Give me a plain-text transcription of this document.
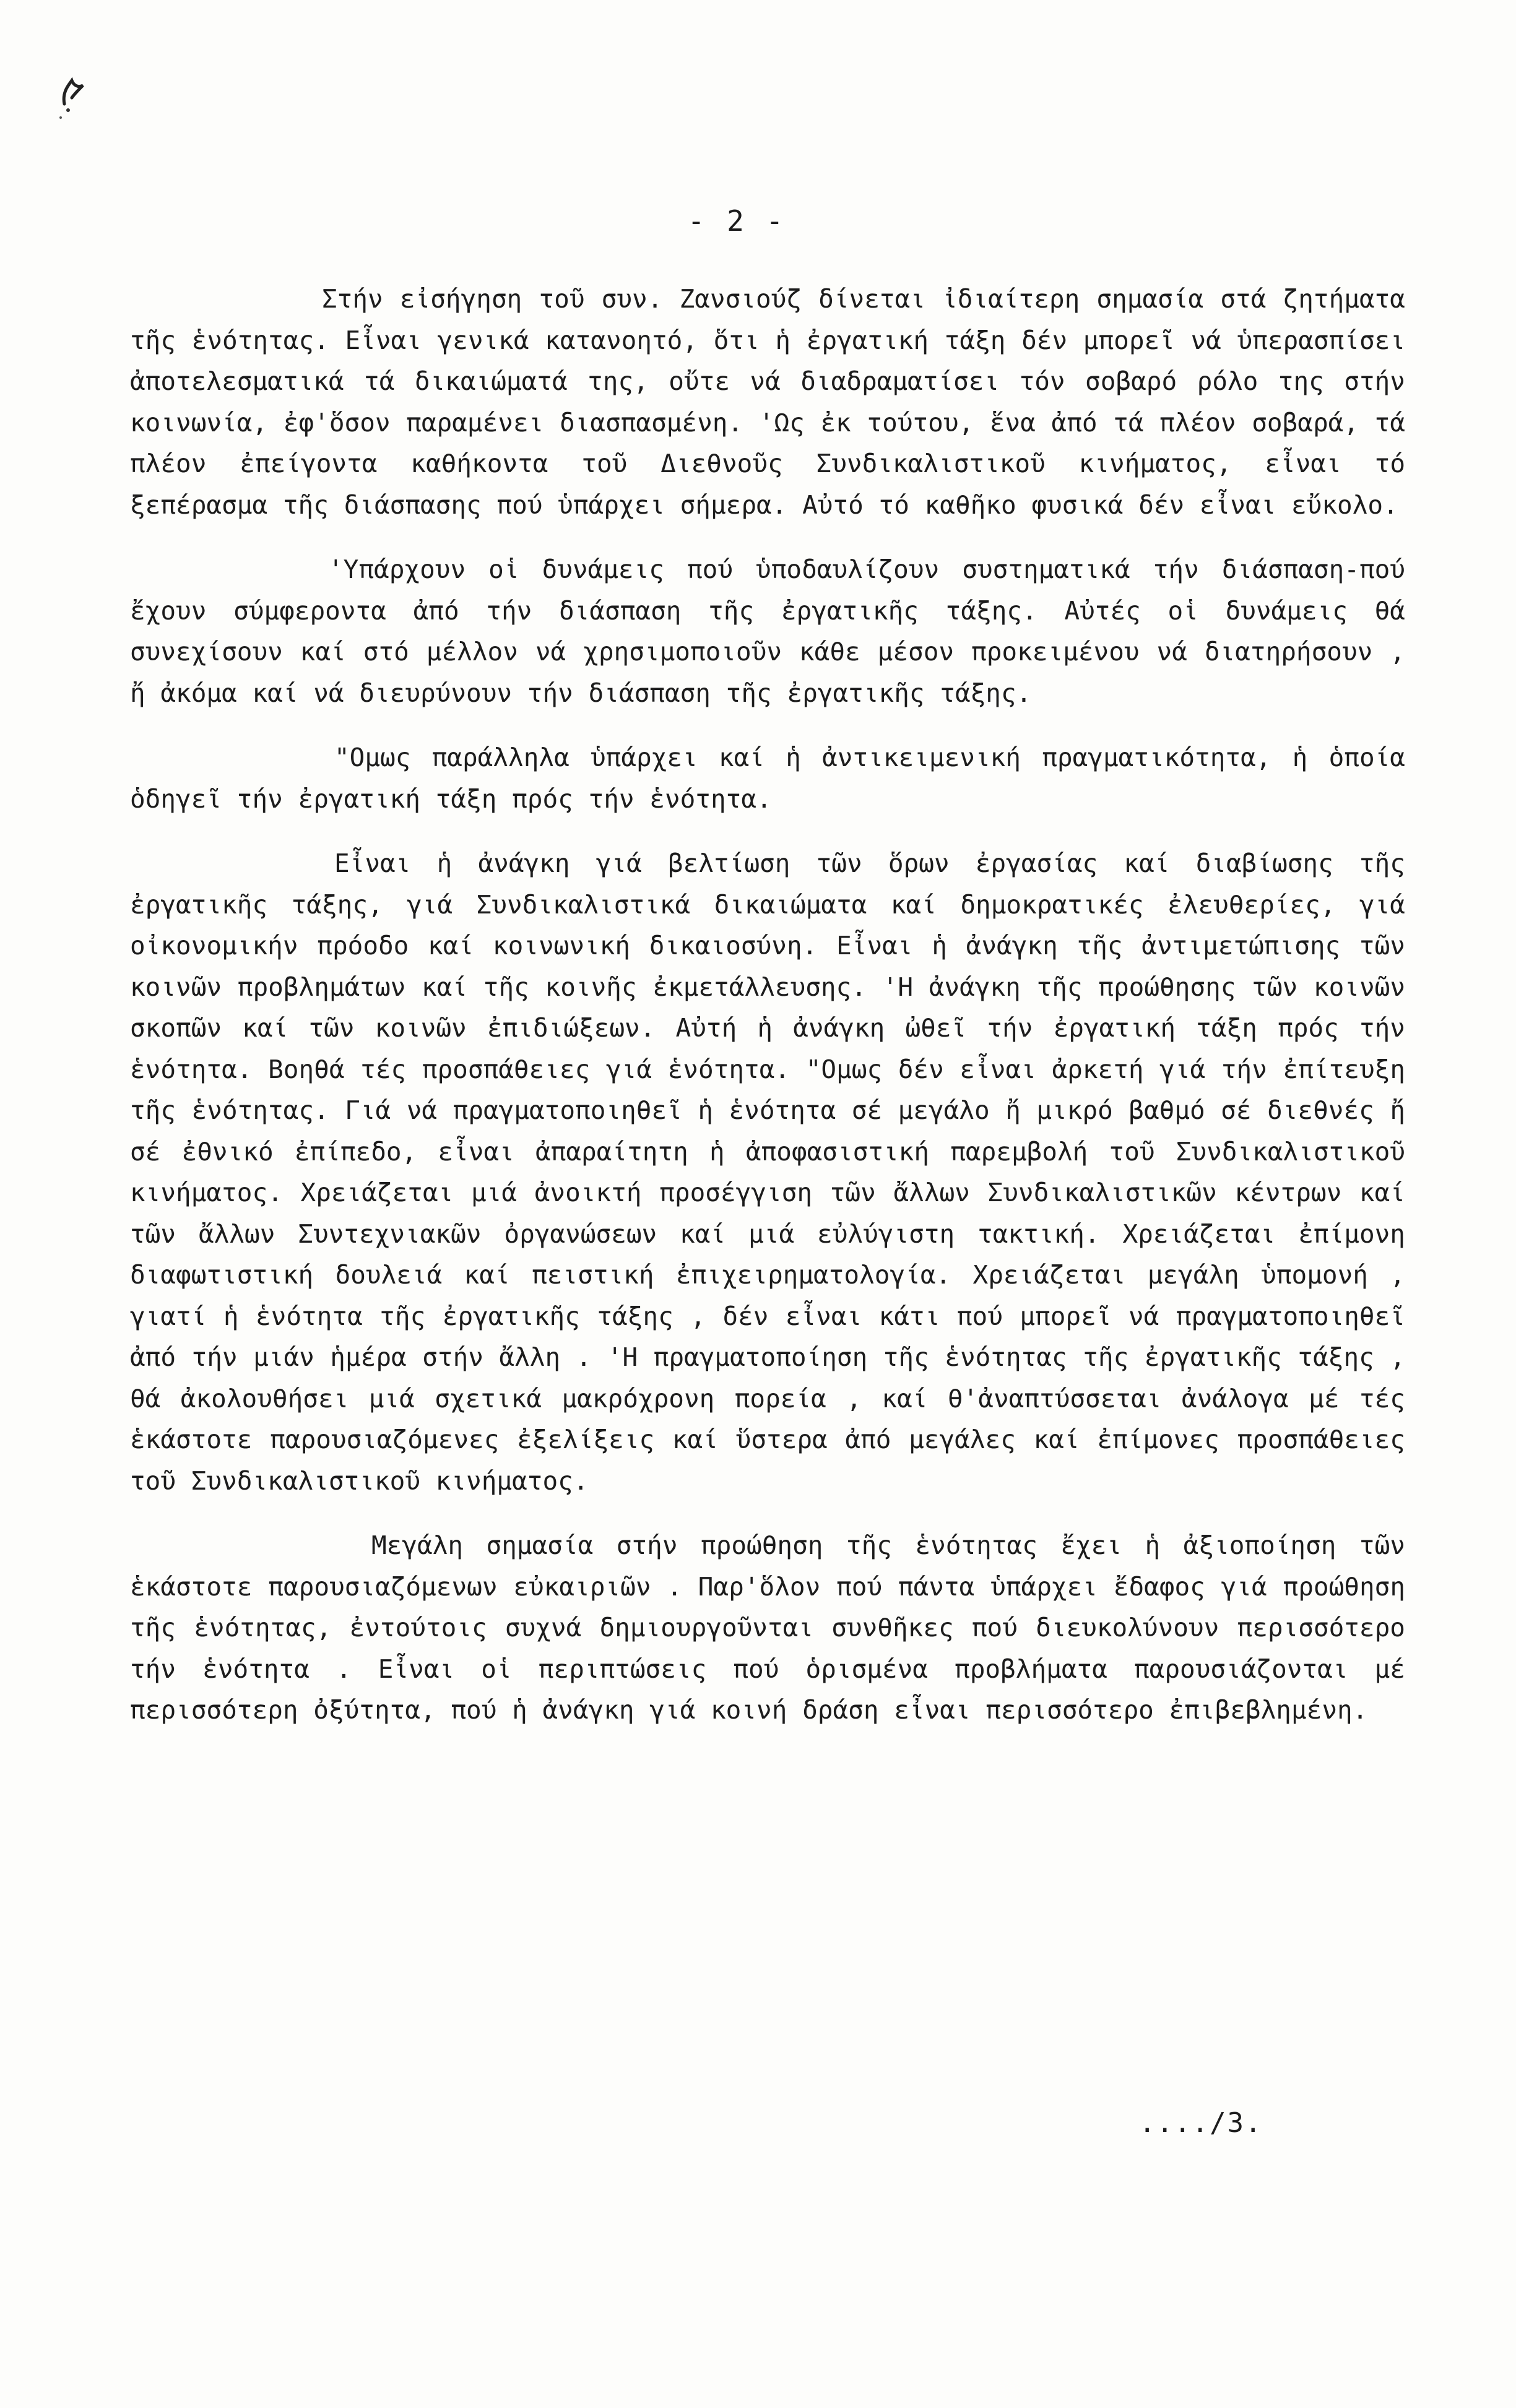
- 2 -

Στήν εἰσήγηση τοῦ συν. Ζανσιούζ δίνεται ἰδιαίτερη σημασία στά ζητήματα τῆς ἑνότητας. Εἶναι γενικά κατανοητό, ὅτι ἡ ἐργατική τάξη δέν μπορεῖ νά ὑπερασπίσει ἀποτελεσματικά τά δικαιώματά της, οὔτε νά διαδραματίσει τόν σοβαρό ρόλο της στήν κοινωνία, ἐφ'ὅσον παραμένει διασπασμένη. 'Ως ἐκ τούτου, ἕνα ἀπό τά πλέον σοβαρά, τά πλέον ἐπείγοντα καθήκοντα τοῦ Διεθνοῦς Συνδικαλιστικοῦ κινήματος, εἶναι τό ξεπέρασμα τῆς διάσπασης πού ὑπάρχει σήμερα. Αὐτό τό καθῆκο φυσικά δέν εἶναι εὔκολο.

'Υπάρχουν οἱ δυνάμεις πού ὑποδαυλίζουν συστηματικά τήν διάσπαση-πού ἔχουν σύμφεροντα ἀπό τήν διάσπαση τῆς ἐργατικῆς τάξης. Αὐτές οἱ δυνάμεις θά συνεχίσουν καί στό μέλλον νά χρησιμοποιοῦν κάθε μέσον προκειμένου νά διατηρήσουν , ἤ ἀκόμα καί νά διευρύνουν τήν διάσπαση τῆς ἐργατικῆς τάξης.

"Ομως παράλληλα ὑπάρχει καί ἡ ἀντικειμενική πραγματικότητα, ἡ ὁποία ὁδηγεῖ τήν ἐργατική τάξη πρός τήν ἑνότητα.

Εἶναι ἡ ἀνάγκη γιά βελτίωση τῶν ὅρων ἐργασίας καί διαβίωσης τῆς ἐργατικῆς τάξης, γιά Συνδικαλιστικά δικαιώματα καί δημοκρατικές ἐλευθερίες, γιά οἰκονομικήν πρόοδο καί κοινωνική δικαιοσύνη. Εἶναι ἡ ἀνάγκη τῆς ἀντιμετώπισης τῶν κοινῶν προβλημάτων καί τῆς κοινῆς ἐκμετάλλευσης. 'Η ἀνάγκη τῆς προώθησης τῶν κοινῶν σκοπῶν καί τῶν κοινῶν ἐπιδιώξεων. Αὐτή ἡ ἀνάγκη ὠθεῖ τήν ἐργατική τάξη πρός τήν ἑνότητα. Βοηθά τές προσπάθειες γιά ἑνότητα. "Ομως δέν εἶναι ἀρκετή γιά τήν ἐπίτευξη τῆς ἑνότητας. Γιά νά πραγματοποιηθεῖ ἡ ἑνότητα σέ μεγάλο ἤ μικρό βαθμό σέ διεθνές ἤ σέ ἐθνικό ἐπίπεδο, εἶναι ἀπαραίτητη ἡ ἀποφασιστική παρεμβολή τοῦ Συνδικαλιστικοῦ κινήματος. Χρειάζεται μιά ἀνοικτή προσέγγιση τῶν ἄλλων Συνδικαλιστικῶν κέντρων καί τῶν ἄλλων Συντεχνιακῶν ὀργανώσεων καί μιά εὐλύγιστη τακτική. Χρειάζεται ἐπίμονη διαφωτιστική δουλειά καί πειστική ἐπιχειρηματολογία. Χρειάζεται μεγάλη ὑπομονή , γιατί ἡ ἑνότητα τῆς ἐργατικῆς τάξης , δέν εἶναι κάτι πού μπορεῖ νά πραγματοποιηθεῖ ἀπό τήν μιάν ἡμέρα στήν ἄλλη . 'Η πραγματοποίηση τῆς ἑνότητας τῆς ἐργατικῆς τάξης , θά ἀκολουθήσει μιά σχετικά μακρόχρονη πορεία , καί θ'ἀναπτύσσεται ἀνάλογα μέ τές ἑκάστοτε παρουσιαζόμενες ἐξελίξεις καί ὕστερα ἀπό μεγάλες καί ἐπίμονες προσπάθειες τοῦ Συνδικαλιστικοῦ κινήματος.

Μεγάλη σημασία στήν προώθηση τῆς ἑνότητας ἔχει ἡ ἀξιοποίηση τῶν ἑκάστοτε παρουσιαζόμενων εὐκαιριῶν . Παρ'ὅλον πού πάντα ὑπάρχει ἔδαφος γιά προώθηση τῆς ἑνότητας, ἐντούτοις συχνά δημιουργοῦνται συνθῆκες πού διευκολύνουν περισσότερο τήν ἑνότητα . Εἶναι οἱ περιπτώσεις πού ὁρισμένα προβλήματα παρουσιάζονται μέ περισσότερη ὀξύτητα, πού ἡ ἀνάγκη γιά κοινή δράση εἶναι περισσότερο ἐπιβεβλημένη.

..../3.
